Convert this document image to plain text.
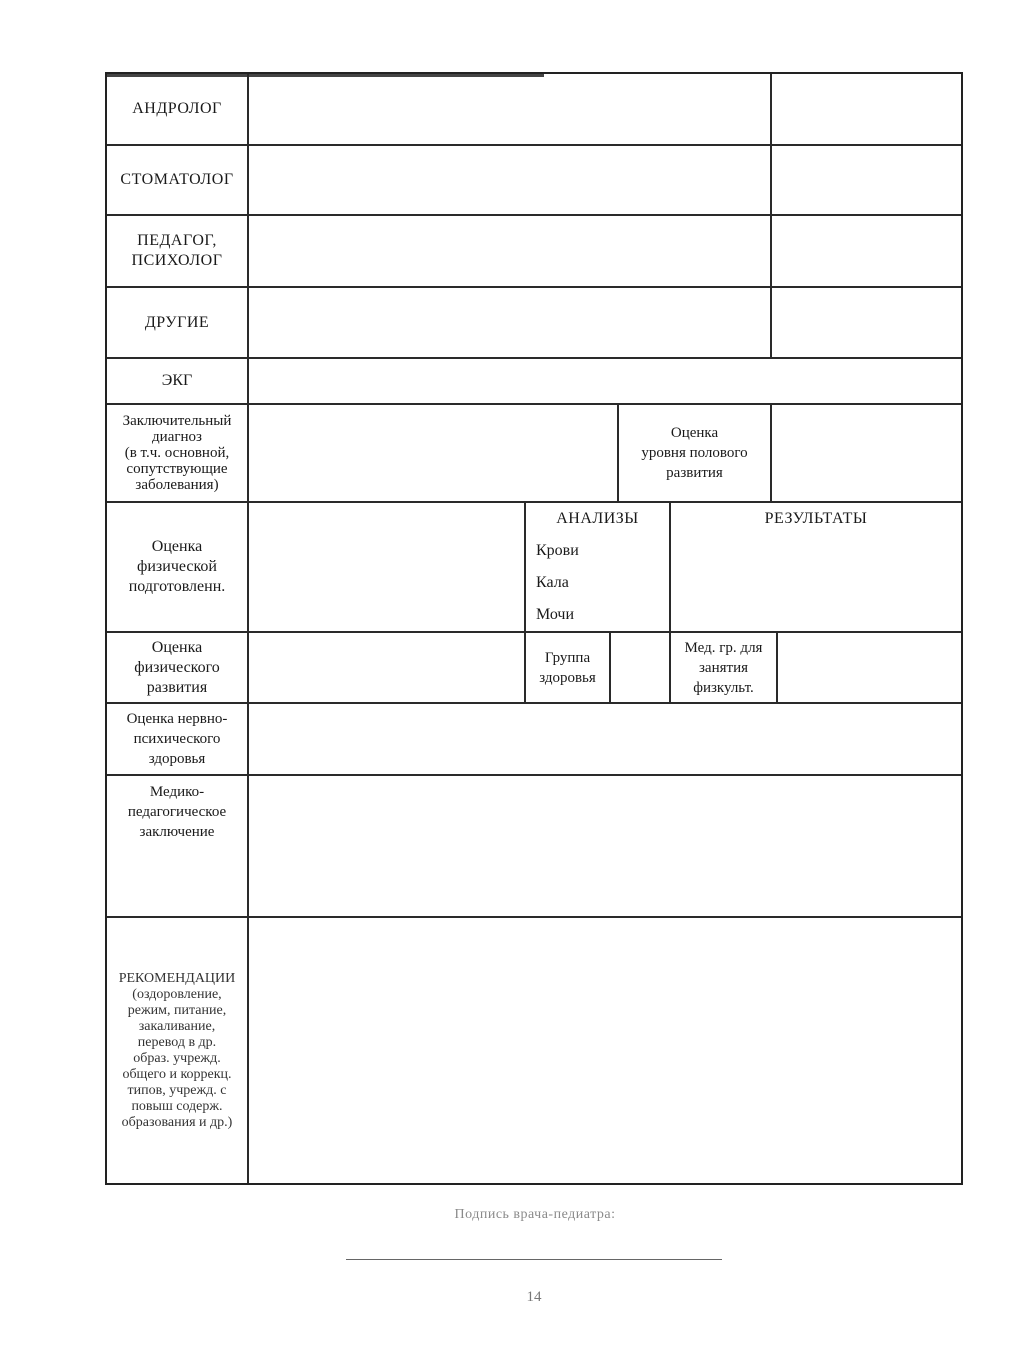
АНДРОЛОГ
СТОМАТОЛОГ
ПЕДАГОГ,
ПСИХОЛОГ
ДРУГИЕ
ЭКГ
Заключительный
диагноз
(в т.ч. основной,
сопутствующие
заболевания)
Оценка
уровня полового
развития
Оценка
физической
подготовленн.
АНАЛИЗЫ	РЕЗУЛЬТАТЫ
Крови
Кала
Мочи
Оценка
физического
развития
Группа
здоровья
Мед. гр. для
занятия
физкульт.
Оценка нервно-
психического
здоровья
Медико-
педагогическое
заключение
РЕКОМЕНДАЦИИ
(оздоровление,
режим, питание,
закаливание,
перевод в др.
образ. учрежд.
общего и коррекц.
типов, учрежд. с
повыш содерж.
образования и др.)
Подпись врача-педиатра:
14
